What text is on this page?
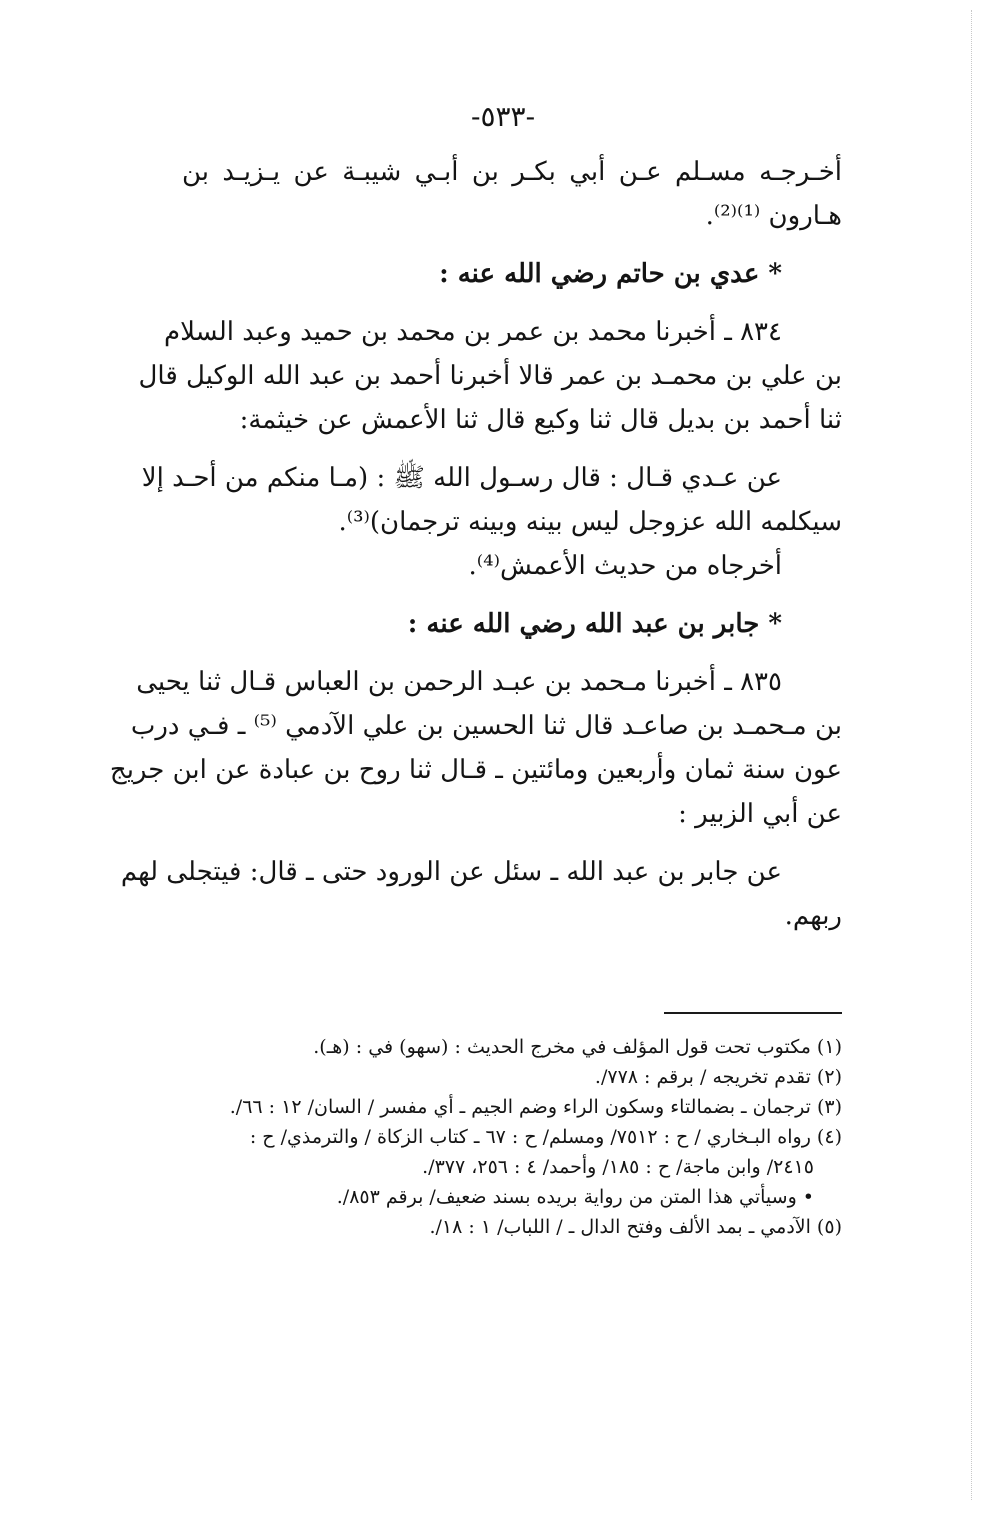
-٥٣٣-
أخـرجـه مسـلم عـن أبي بكـر بن أبـي شيبـة عن يـزيـد بن
هـارون ⁽¹⁾⁽²⁾.
* عدي بن حاتم رضي الله عنه :
٨٣٤ ـ أخبرنا محمد بن عمر بن محمد بن حميد وعبد السلام
بن علي بن محمـد بن عمر قالا أخبرنا أحمد بن عبد الله الوكيل قال
ثنا أحمد بن بديل قال ثنا وكيع قال ثنا الأعمش عن خيثمة:
عن عـدي قـال : قال رسـول الله ﷺ : (مـا منكم من أحـد إلا
سيكلمه الله عزوجل ليس بينه وبينه ترجمان)⁽³⁾.
أخرجاه من حديث الأعمش⁽⁴⁾.
* جابر بن عبد الله رضي الله عنه :
٨٣٥ ـ أخبرنا مـحمد بن عبـد الرحمن بن العباس قـال ثنا يحيى
بن مـحمـد بن صاعـد قال ثنا الحسين بن علي الآدمي ⁽⁵⁾ ـ فـي درب
عون سنة ثمان وأربعين ومائتين ـ قـال ثنا روح بن عبادة عن ابن جريج
عن أبي الزبير :
عن جابر بن عبد الله ـ سئل عن الورود حتى ـ قال: فيتجلى لهم
ربهم.
(١) مكتوب تحت قول المؤلف في مخرج الحديث : (سهو) في : (هـ).
(٢) تقدم تخريجه / برقم : ٧٧٨/.
(٣) ترجمان ـ بضمالتاء وسكون الراء وضم الجيم ـ أي مفسر / السان/ ١٢ : ٦٦/.
(٤) رواه البـخاري / ح : ٧٥١٢/ ومسلم/ ح : ٦٧ ـ كتاب الزكاة / والترمذي/ ح :
٢٤١٥/ وابن ماجة/ ح : ١٨٥/ وأحمد/ ٤ : ٢٥٦، ٣٧٧/.
• وسيأتي هذا المتن من رواية بريده بسند ضعيف/ برقم ٨٥٣/.
(٥) الآدمي ـ بمد الألف وفتح الدال ـ / اللباب/ ١ : ١٨/.
